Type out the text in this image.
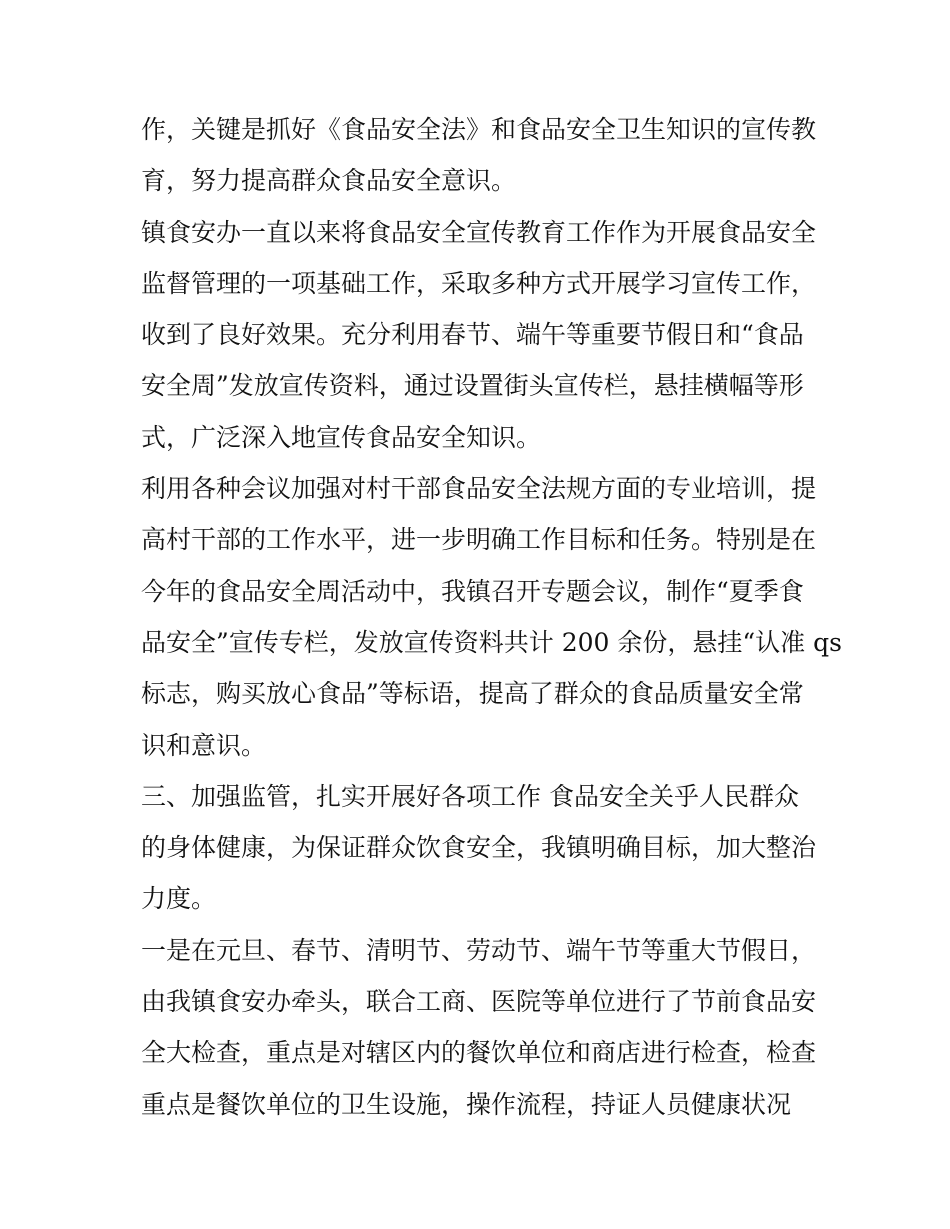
作，关键是抓好《食品安全法》和食品安全卫生知识的宣传教
育，努力提高群众食品安全意识。
镇食安办一直以来将食品安全宣传教育工作作为开展食品安全
监督管理的一项基础工作，采取多种方式开展学习宣传工作，
收到了良好效果。充分利用春节、端午等重要节假日和“食品
安全周”发放宣传资料，通过设置街头宣传栏，悬挂横幅等形
式，广泛深入地宣传食品安全知识。
利用各种会议加强对村干部食品安全法规方面的专业培训，提
高村干部的工作水平，进一步明确工作目标和任务。特别是在
今年的食品安全周活动中，我镇召开专题会议，制作“夏季食
品安全”宣传专栏，发放宣传资料共计 200 余份，悬挂“认准 qs
标志，购买放心食品”等标语，提高了群众的食品质量安全常
识和意识。
三、加强监管，扎实开展好各项工作 食品安全关乎人民群众
的身体健康，为保证群众饮食安全，我镇明确目标，加大整治
力度。
一是在元旦、春节、清明节、劳动节、端午节等重大节假日，
由我镇食安办牵头，联合工商、医院等单位进行了节前食品安
全大检查，重点是对辖区内的餐饮单位和商店进行检查，检查
重点是餐饮单位的卫生设施，操作流程，持证人员健康状况
